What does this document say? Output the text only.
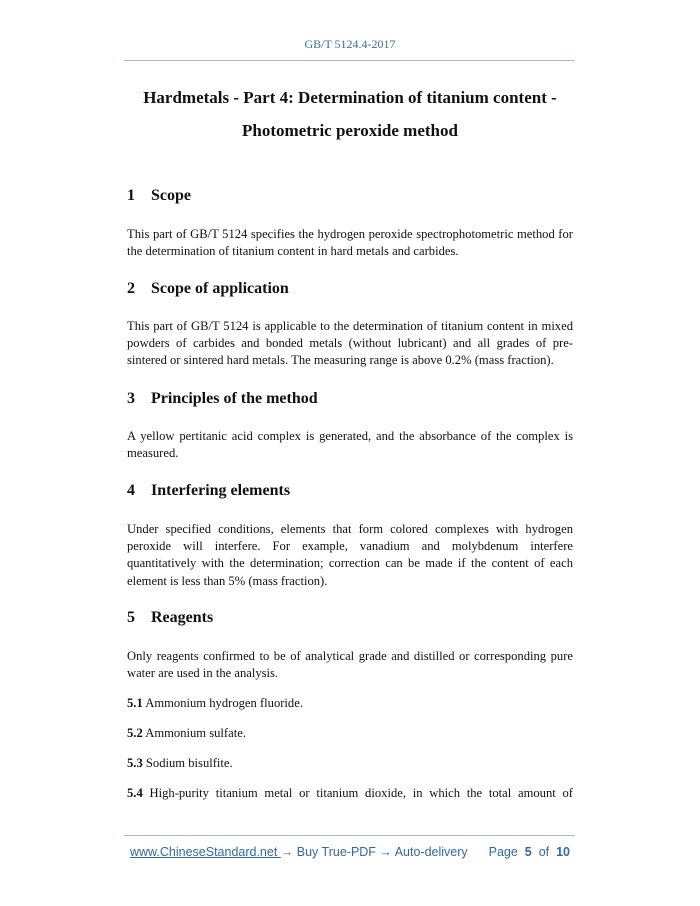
GB/T 5124.4-2017
Hardmetals - Part 4: Determination of titanium content -
Photometric peroxide method
1 Scope
This part of GB/T 5124 specifies the hydrogen peroxide spectrophotometric method for
the determination of titanium content in hard metals and carbides.
2 Scope of application
This part of GB/T 5124 is applicable to the determination of titanium content in mixed
powders of carbides and bonded metals (without lubricant) and all grades of pre-
sintered or sintered hard metals. The measuring range is above 0.2% (mass fraction).
3 Principles of the method
A yellow pertitanic acid complex is generated, and the absorbance of the complex is
measured.
4 Interfering elements
Under specified conditions, elements that form colored complexes with hydrogen
peroxide will interfere. For example, vanadium and molybdenum interfere
quantitatively with the determination; correction can be made if the content of each
element is less than 5% (mass fraction).
5 Reagents
Only reagents confirmed to be of analytical grade and distilled or corresponding pure
water are used in the analysis.
5.1 Ammonium hydrogen fluoride.
5.2 Ammonium sulfate.
5.3 Sodium bisulfite.
5.4 High-purity titanium metal or titanium dioxide, in which the total amount of
www.ChineseStandard.net → Buy True-PDF → Auto-delivery Page 5 of 10
